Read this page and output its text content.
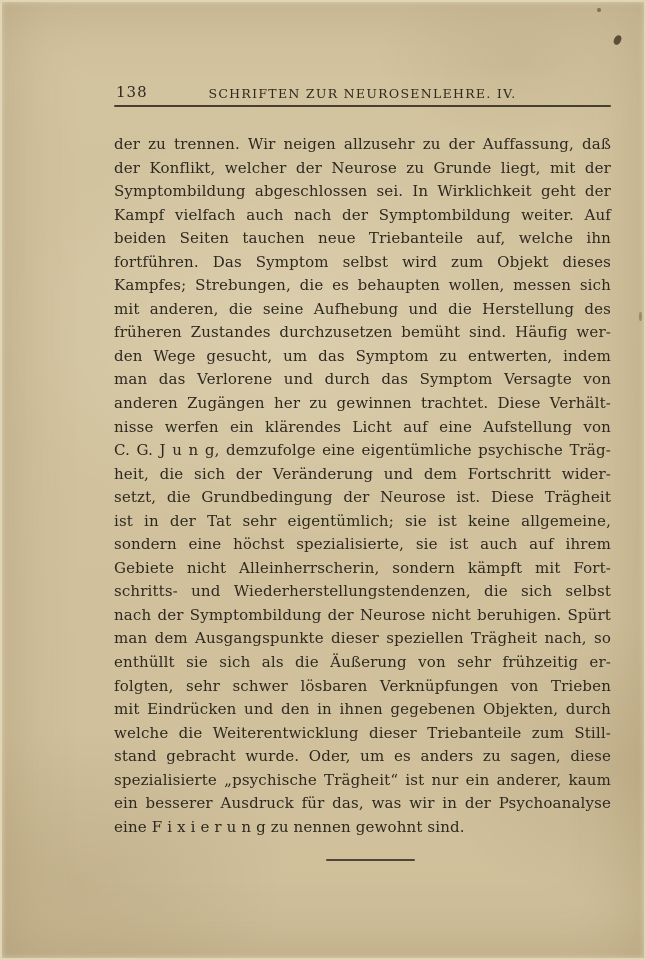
138	SCHRIFTEN ZUR NEUROSENLEHRE. IV.
der zu trennen. Wir neigen allzusehr zu der Auffassung, daß
der Konflikt, welcher der Neurose zu Grunde liegt, mit der
Symptombildung abgeschlossen sei. In Wirklichkeit geht der
Kampf vielfach auch nach der Symptombildung weiter. Auf
beiden Seiten tauchen neue Triebanteile auf, welche ihn
fortführen. Das Symptom selbst wird zum Objekt dieses
Kampfes; Strebungen, die es behaupten wollen, messen sich
mit anderen, die seine Aufhebung und die Herstellung des
früheren Zustandes durchzusetzen bemüht sind. Häufig wer-
den Wege gesucht, um das Symptom zu entwerten, indem
man das Verlorene und durch das Symptom Versagte von
anderen Zugängen her zu gewinnen trachtet. Diese Verhält-
nisse werfen ein klärendes Licht auf eine Aufstellung von
C. G. J u n g, demzufolge eine eigentümliche psychische Träg-
heit, die sich der Veränderung und dem Fortschritt wider-
setzt, die Grundbedingung der Neurose ist. Diese Trägheit
ist in der Tat sehr eigentümlich; sie ist keine allgemeine,
sondern eine höchst spezialisierte, sie ist auch auf ihrem
Gebiete nicht Alleinherrscherin, sondern kämpft mit Fort-
schritts- und Wiederherstellungstendenzen, die sich selbst
nach der Symptombildung der Neurose nicht beruhigen. Spürt
man dem Ausgangspunkte dieser speziellen Trägheit nach, so
enthüllt sie sich als die Äußerung von sehr frühzeitig er-
folgten, sehr schwer lösbaren Verknüpfungen von Trieben
mit Eindrücken und den in ihnen gegebenen Objekten, durch
welche die Weiterentwicklung dieser Triebanteile zum Still-
stand gebracht wurde. Oder, um es anders zu sagen, diese
spezialisierte „psychische Trägheit“ ist nur ein anderer, kaum
ein besserer Ausdruck für das, was wir in der Psychoanalyse
eine F i x i e r u n g zu nennen gewohnt sind.
